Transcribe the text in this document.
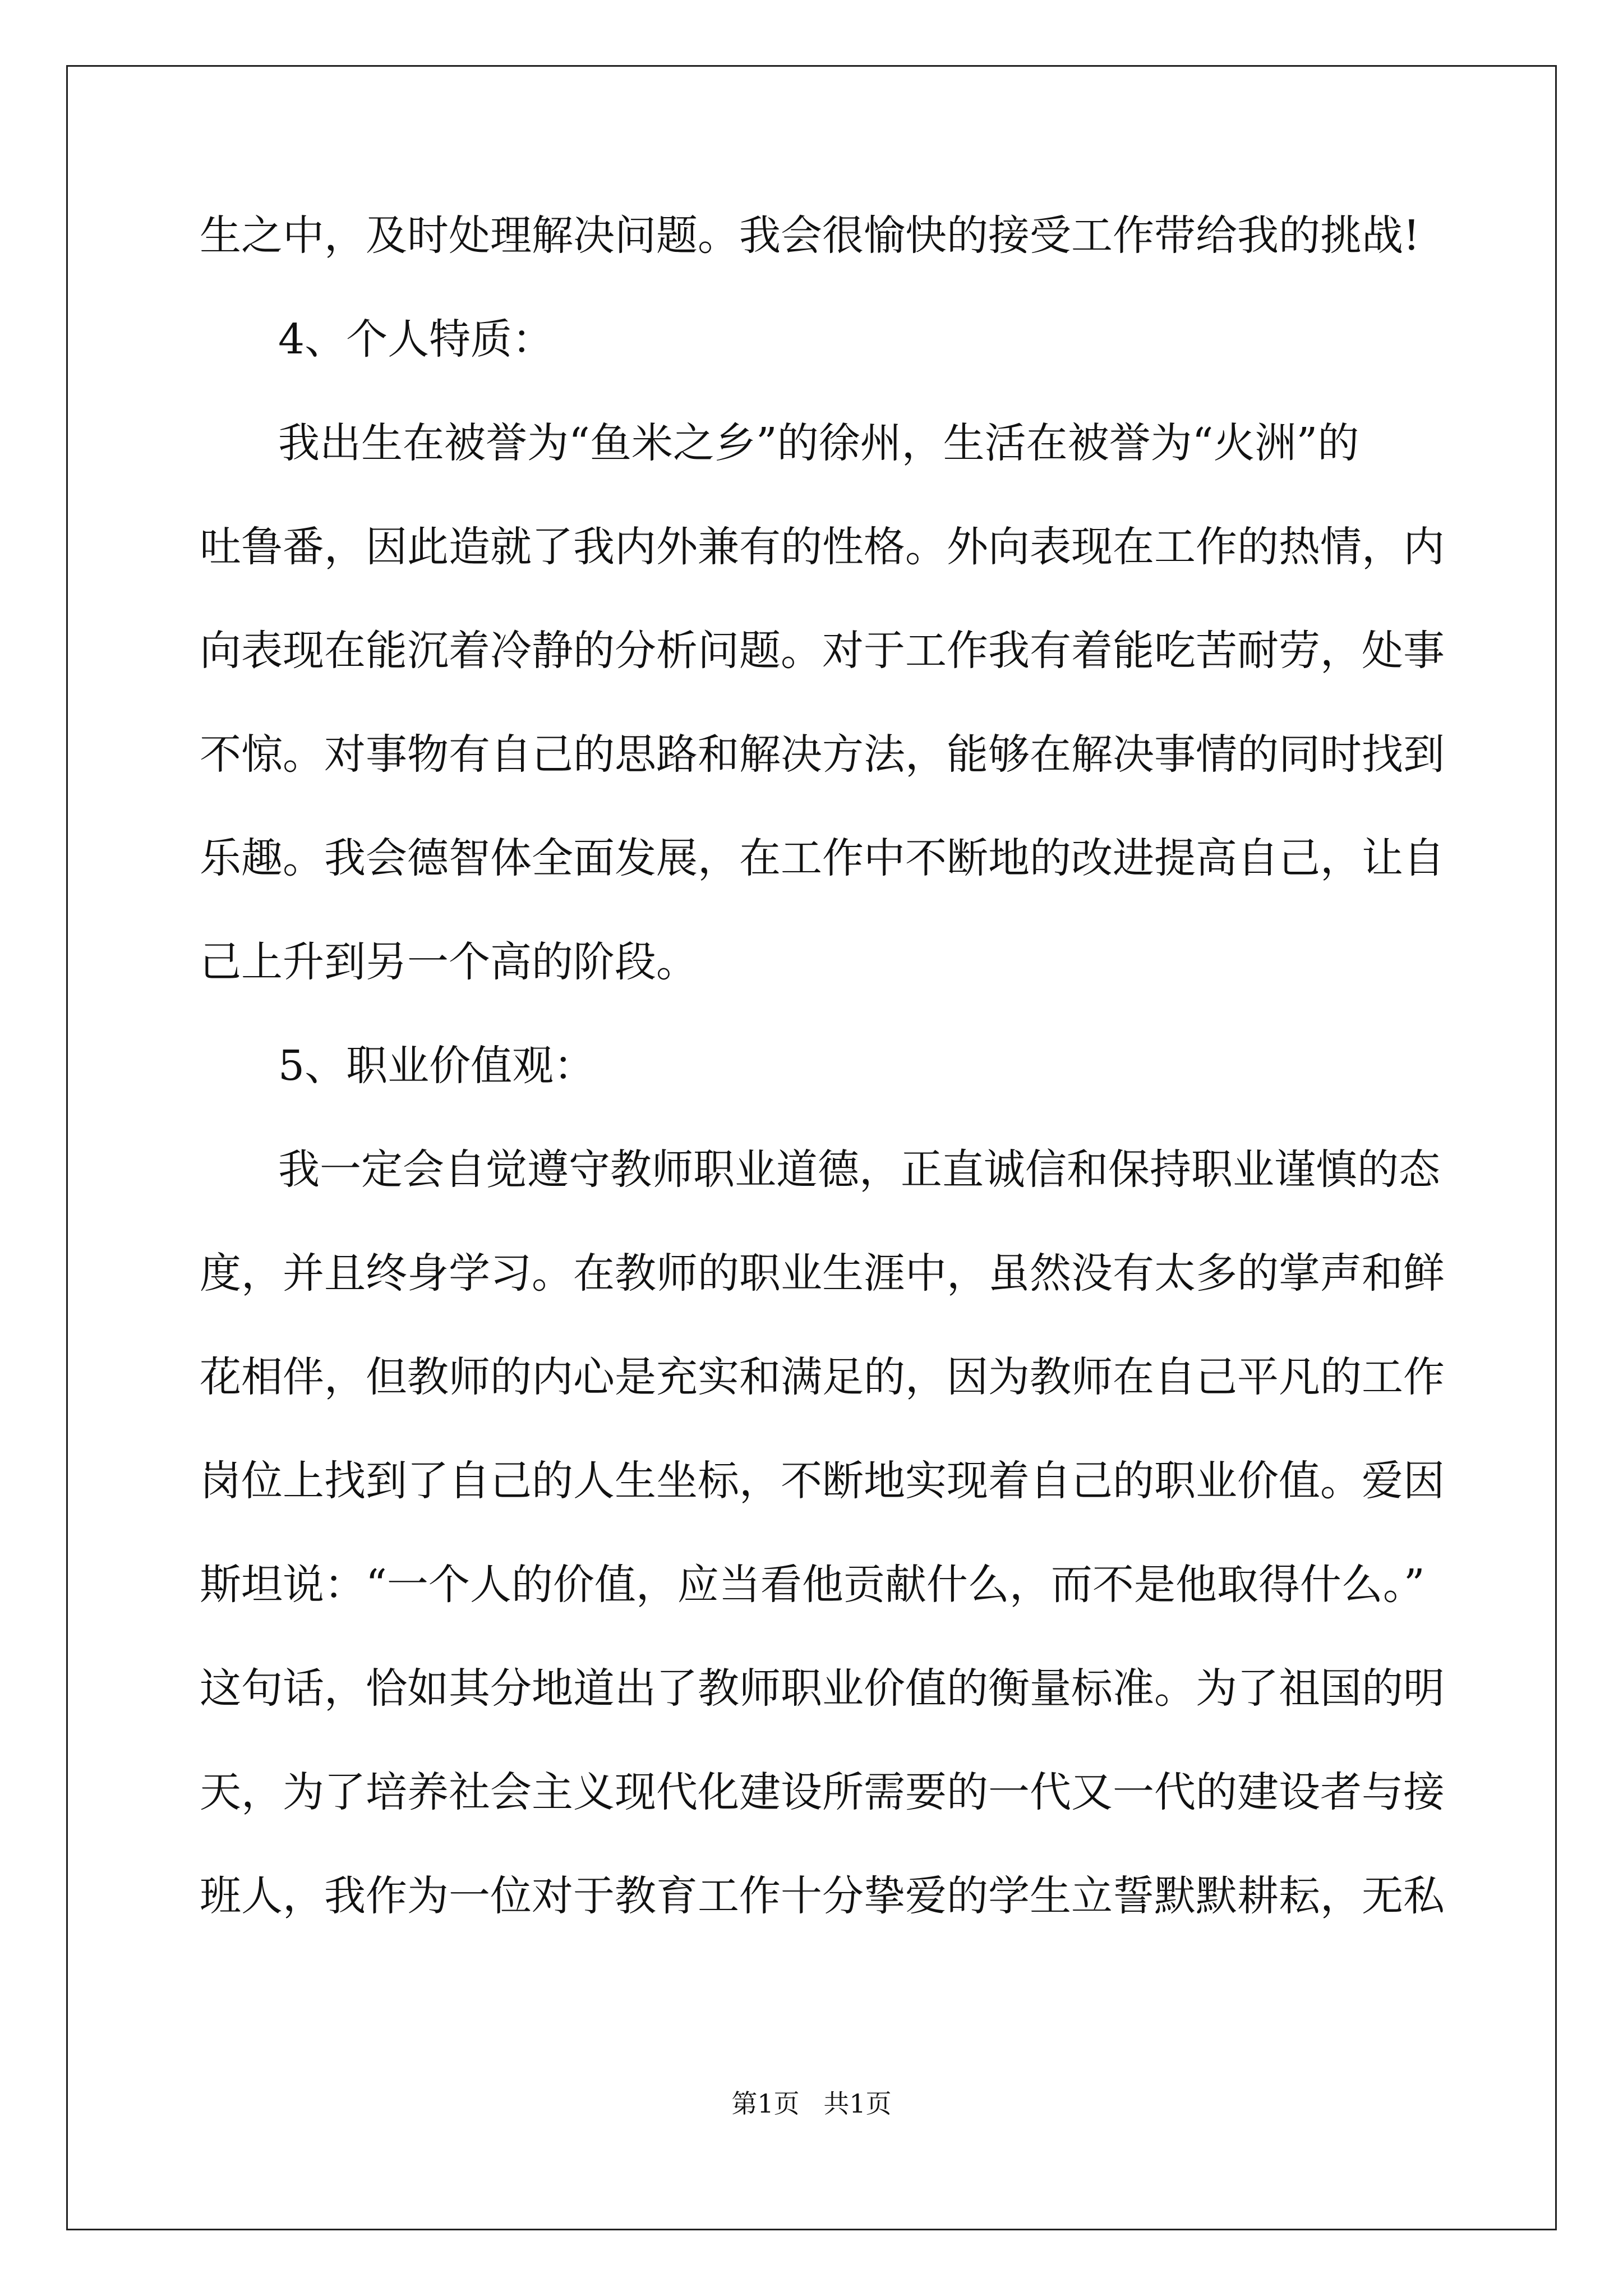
生之中，及时处理解决问题。我会很愉快的接受工作带给我的挑战!
4、个人特质：
我出生在被誉为“鱼米之乡”的徐州，生活在被誉为“火洲”的
吐鲁番，因此造就了我内外兼有的性格。外向表现在工作的热情，内
向表现在能沉着冷静的分析问题。对于工作我有着能吃苦耐劳，处事
不惊。对事物有自己的思路和解决方法，能够在解决事情的同时找到
乐趣。我会德智体全面发展，在工作中不断地的改进提高自己，让自
己上升到另一个高的阶段。
5、职业价值观：
我一定会自觉遵守教师职业道德，正直诚信和保持职业谨慎的态
度，并且终身学习。在教师的职业生涯中，虽然没有太多的掌声和鲜
花相伴，但教师的内心是充实和满足的，因为教师在自己平凡的工作
岗位上找到了自己的人生坐标，不断地实现着自己的职业价值。爱因
斯坦说：“一个人的价值，应当看他贡献什么，而不是他取得什么。”
这句话，恰如其分地道出了教师职业价值的衡量标准。为了祖国的明
天，为了培养社会主义现代化建设所需要的一代又一代的建设者与接
班人，我作为一位对于教育工作十分挚爱的学生立誓默默耕耘，无私
第1页 共1页
